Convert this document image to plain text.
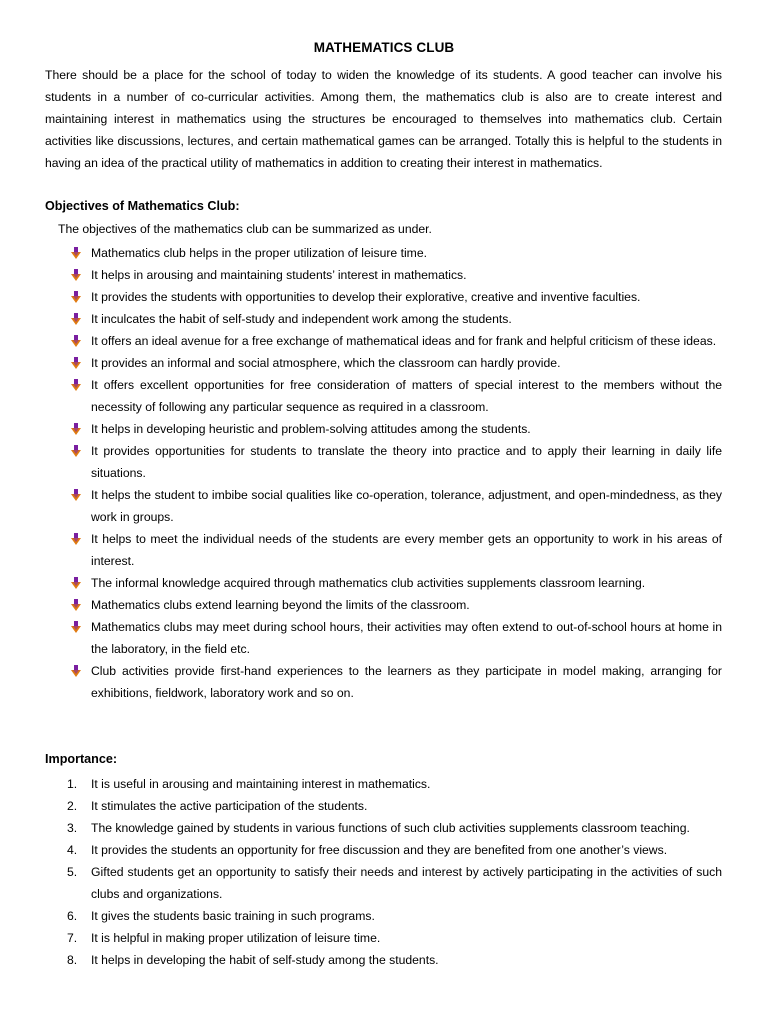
MATHEMATICS CLUB

There should be a place for the school of today to widen the knowledge of its students. A good teacher can involve his students in a number of co-curricular activities. Among them, the mathematics club is also are to create interest and maintaining interest in mathematics using the structures be encouraged to themselves into mathematics club. Certain activities like discussions, lectures, and certain mathematical games can be arranged. Totally this is helpful to the students in having an idea of the practical utility of mathematics in addition to creating their interest in mathematics.

Objectives of Mathematics Club:

The objectives of the mathematics club can be summarized as under.

Mathematics club helps in the proper utilization of leisure time.
It helps in arousing and maintaining students’ interest in mathematics.
It provides the students with opportunities to develop their explorative, creative and inventive faculties.
It inculcates the habit of self-study and independent work among the students.
It offers an ideal avenue for a free exchange of mathematical ideas and for frank and helpful criticism of these ideas.
It provides an informal and social atmosphere, which the classroom can hardly provide.
It offers excellent opportunities for free consideration of matters of special interest to the members without the necessity of following any particular sequence as required in a classroom.
It helps in developing heuristic and problem-solving attitudes among the students.
It provides opportunities for students to translate the theory into practice and to apply their learning in daily life situations.
It helps the student to imbibe social qualities like co-operation, tolerance, adjustment, and open-mindedness, as they work in groups.
It helps to meet the individual needs of the students are every member gets an opportunity to work in his areas of interest.
The informal knowledge acquired through mathematics club activities supplements classroom learning.
Mathematics clubs extend learning beyond the limits of the classroom.
Mathematics clubs may meet during school hours, their activities may often extend to out-of-school hours at home in the laboratory, in the field etc.
Club activities provide first-hand experiences to the learners as they participate in model making, arranging for exhibitions, fieldwork, laboratory work and so on.

Importance:

1. It is useful in arousing and maintaining interest in mathematics.
2. It stimulates the active participation of the students.
3. The knowledge gained by students in various functions of such club activities supplements classroom teaching.
4. It provides the students an opportunity for free discussion and they are benefited from one another’s views.
5. Gifted students get an opportunity to satisfy their needs and interest by actively participating in the activities of such clubs and organizations.
6. It gives the students basic training in such programs.
7. It is helpful in making proper utilization of leisure time.
8. It helps in developing the habit of self-study among the students.
